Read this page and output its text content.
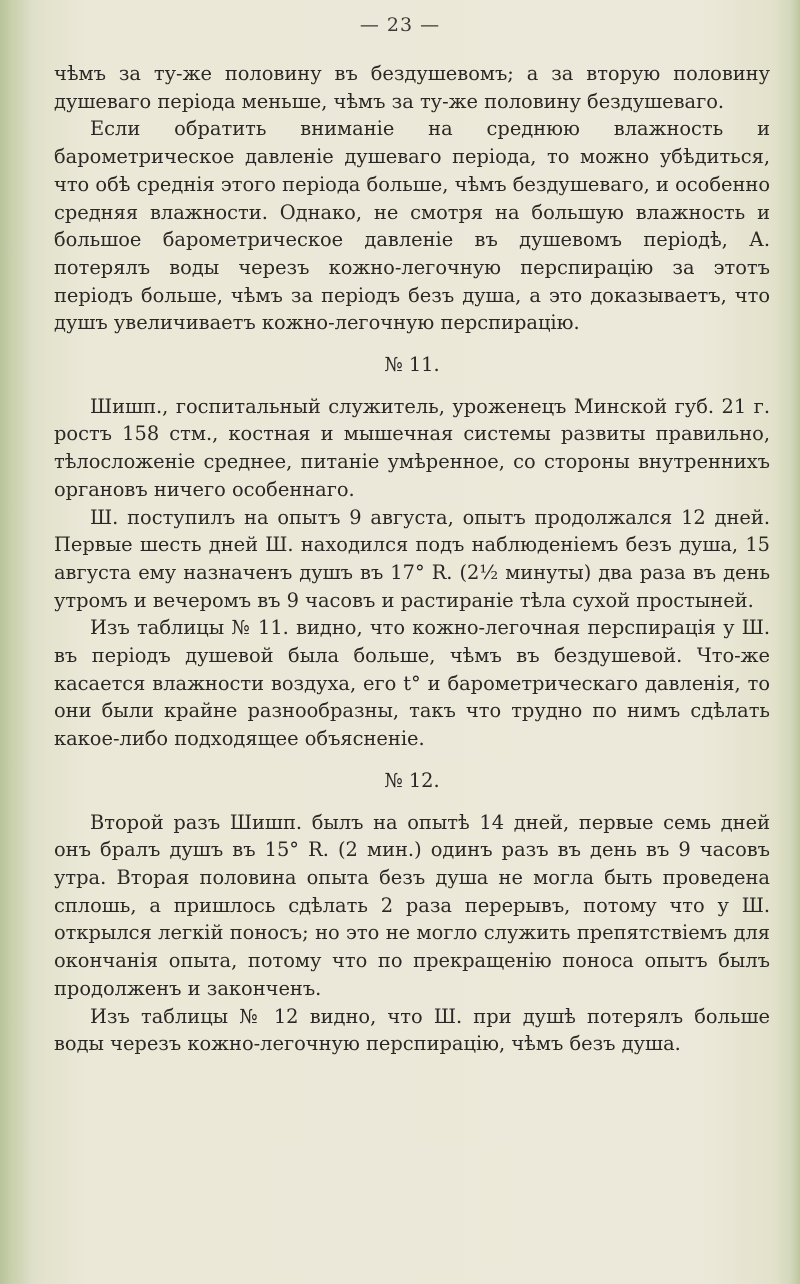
— 23 —

чѣмъ за ту-же половину въ бездушевомъ; а за вторую половину душеваго періода меньше, чѣмъ за ту-же половину бездушеваго.

Если обратить вниманіе на среднюю влажность и барометрическое давленіе душеваго періода, то можно убѣдиться, что обѣ среднія этого періода больше, чѣмъ бездушеваго, и особенно средняя влажности. Однако, не смотря на большую влажность и большое барометрическое давленіе въ душевомъ періодѣ, А. потерялъ воды черезъ кожно-легочную перспирацію за этотъ періодъ больше, чѣмъ за періодъ безъ душа, а это доказываетъ, что душъ увеличиваетъ кожно-легочную перспирацію.

№ 11.

Шишп., госпитальный служитель, уроженецъ Минской губ. 21 г. ростъ 158 стм., костная и мышечная системы развиты правильно, тѣлосложеніе среднее, питаніе умѣренное, со стороны внутреннихъ органовъ ничего особеннаго.

Ш. поступилъ на опытъ 9 августа, опытъ продолжался 12 дней. Первые шесть дней Ш. находился подъ наблюденіемъ безъ душа, 15 августа ему назначенъ душъ въ 17° R. (2½ минуты) два раза въ день утромъ и вечеромъ въ 9 часовъ и растираніе тѣла сухой простыней.

Изъ таблицы № 11. видно, что кожно-легочная перспирація у Ш. въ періодъ душевой была больше, чѣмъ въ бездушевой. Что-же касается влажности воздуха, его t° и барометрическаго давленія, то они были крайне разнообразны, такъ что трудно по нимъ сдѣлать какое-либо подходящее объясненіе.

№ 12.

Второй разъ Шишп. былъ на опытѣ 14 дней, первые семь дней онъ бралъ душъ въ 15° R. (2 мин.) одинъ разъ въ день въ 9 часовъ утра. Вторая половина опыта безъ душа не могла быть проведена сплошь, а пришлось сдѣлать 2 раза перерывъ, потому что у Ш. открылся легкій поносъ; но это не могло служить препятствіемъ для окончанія опыта, потому что по прекращенію поноса опытъ былъ продолженъ и законченъ.

Изъ таблицы № 12 видно, что Ш. при душѣ потерялъ больше воды черезъ кожно-легочную перспирацію, чѣмъ безъ душа.
